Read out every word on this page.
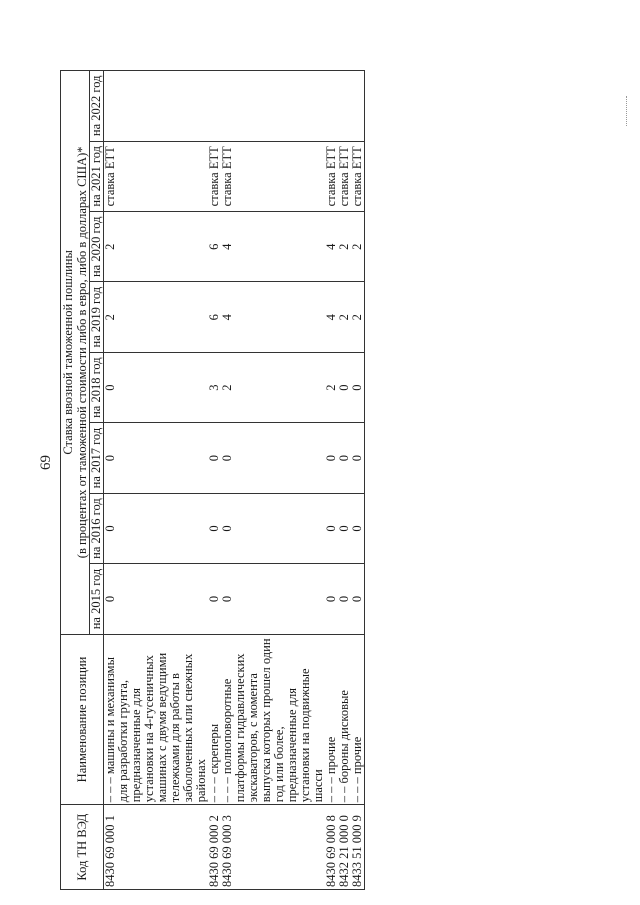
69
Код ТН ВЭД	Наименование позиции	Ставка ввозной таможенной пошлины							
		(в процентах от таможенной стоимости либо в евро, либо в долларах США)*							
		на 2015 год	на 2016 год	на 2017 год	на 2018 год	на 2019 год	на 2020 год	на 2021 год	на 2022 год
8430 69 000 1	– – – машины и механизмы для разработки грунта, предназначенные для установки на 4-гусеничных машинах с двумя ведущими тележками для работы в заболоченных или снежных районах	0	0	0	0	2	2	ставка ЕТТ	
8430 69 000 2	– – – скреперы	0	0	0	3	6	6	ставка ЕТТ	
8430 69 000 3	– – – полноповоротные платформы гидравлических экскаваторов, с момента выпуска которых прошел один год или более, предназначенные для установки на подвижные шасси	0	0	0	2	4	4	ставка ЕТТ	
8430 69 000 8	– – – прочие	0	0	0	2	4	4	ставка ЕТТ	
8432 21 000 0	– – бороны дисковые	0	0	0	0	2	2	ставка ЕТТ	
8433 51 000 9	– – – прочие	0	0	0	0	2	2	ставка ЕТТ	
